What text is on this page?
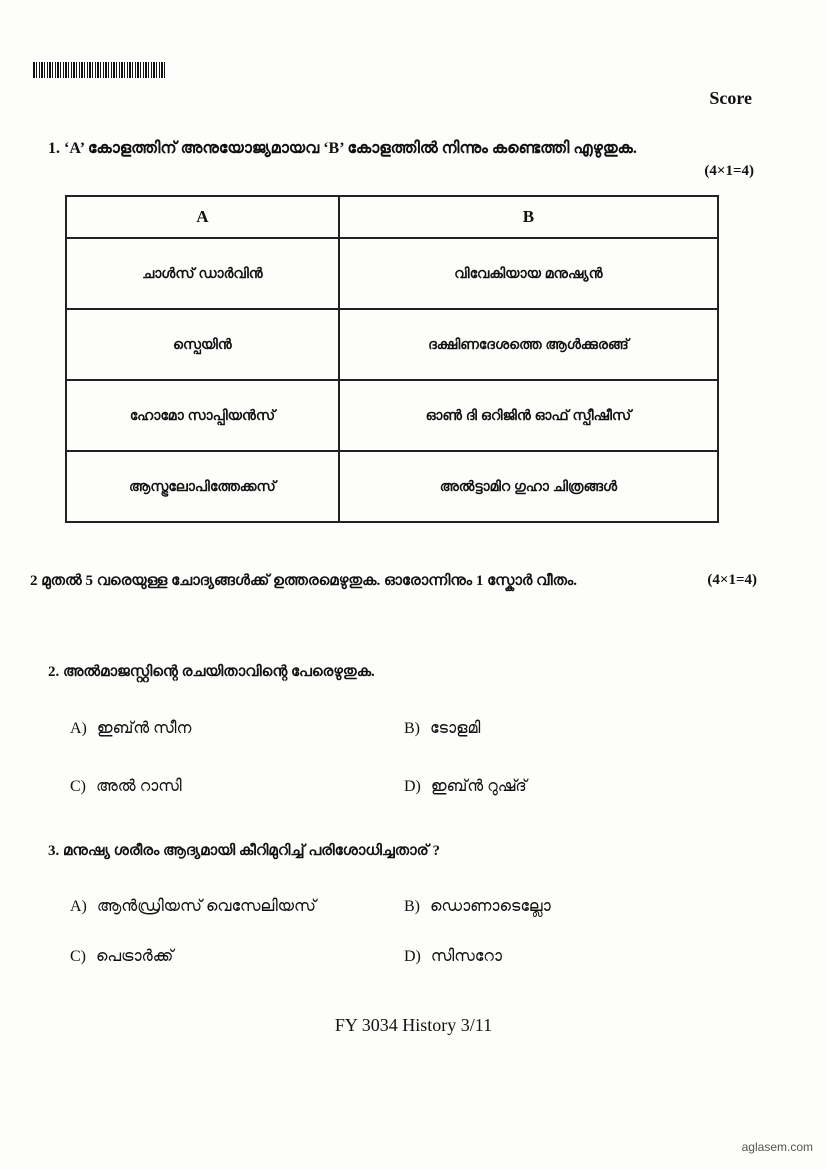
Score
1. ‘A’ കോളത്തിന് അനുയോജ്യമായവ ‘B’ കോളത്തിൽ നിന്നും കണ്ടെത്തി എഴുതുക.
(4×1=4)
A	B
ചാൾസ് ഡാർവിൻ	വിവേകിയായ മനുഷ്യൻ
സ്പെയിൻ	ദക്ഷിണദേശത്തെ ആൾക്കുരങ്ങ്
ഹോമോ സാപ്പിയൻസ്	ഓൺ ദി ഒറിജിൻ ഓഫ് സ്പീഷീസ്
ആസ്ട്രലോപിത്തേക്കസ്	അൽട്ടാമിറ ഗുഹാ ചിത്രങ്ങൾ
2 മുതൽ 5 വരെയുള്ള ചോദ്യങ്ങൾക്ക് ഉത്തരമെഴുതുക. ഓരോന്നിനും 1 സ്കോർ വീതം.	(4×1=4)
2. അൽമാജസ്റ്റിന്റെ രചയിതാവിന്റെ പേരെഴുതുക.
A) ഇബ്ൻ സീന	B) ടോളമി
C) അൽ റാസി	D) ഇബ്ൻ റുഷ്ദ്
3. മനുഷ്യ ശരീരം ആദ്യമായി കീറിമുറിച്ച് പരിശോധിച്ചതാര് ?
A) ആൻഡ്രിയസ് വെസേലിയസ്	B) ഡൊണാടെല്ലോ
C) പെട്രാർക്ക്	D) സിസറോ
FY 3034 History 3/11
aglasem.com
